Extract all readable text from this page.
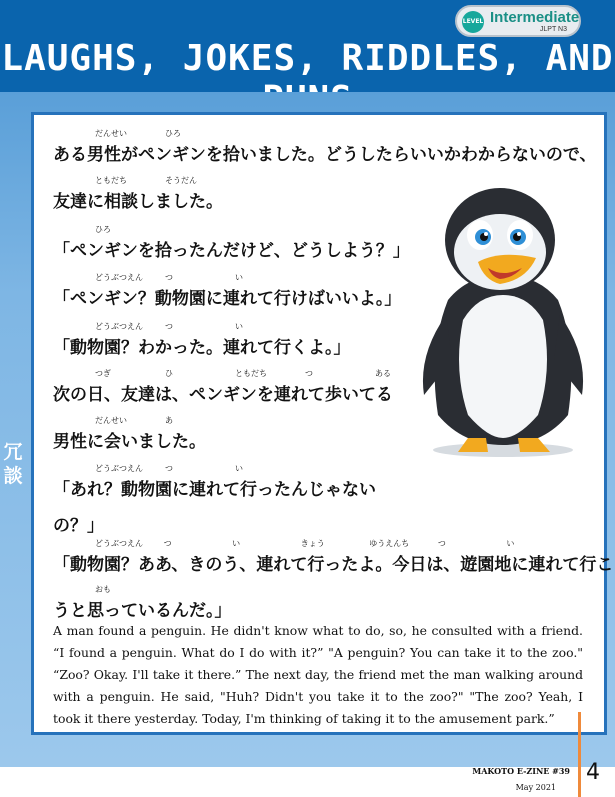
LAUGHS, JOKES, RIDDLES, AND
LEVEL Intermediate
JLPT N3
冗
談
ある男性がペンギンを拾いました。どうしたらいいかわからないので、
だんせい	ひろ
友達に相談しました。
ともだち	そうだん
「ペンギンを拾ったんだけど、どうしよう？」
ひろ
「ペンギン？動物園に連れて行けばいいよ。」
どうぶつえん	つ	い
「動物園？わかった。連れて行くよ。」
どうぶつえん	つ	い
次の日、友達は、ペンギンを連れて歩いてる
つぎ	ひ	ともだち	つ	ある
男性に会いました。
だんせい	あ
「あれ？動物園に連れて行ったんじゃない
どうぶつえん	つ	い
の？」
「動物園？ああ、きのう、連れて行ったよ。今日は、遊園地に連れて行こ
どうぶつえん	つ	い	きょう	ゆうえんち	つ	い
うと思っているんだ。」
おも
A man found a penguin. He didn't know what to do, so, he consulted with a friend. “I found a penguin. What do I do with it?” "A penguin? You can take it to the zoo." “Zoo? Okay. I'll take it there.” The next day, the friend met the man walking around with a penguin. He said, "Huh? Didn't you take it to the zoo?" "The zoo? Yeah, I took it there yesterday. Today, I'm thinking of taking it to the amusement park.”
MAKOTO E-ZINE #39
May 2021
4
